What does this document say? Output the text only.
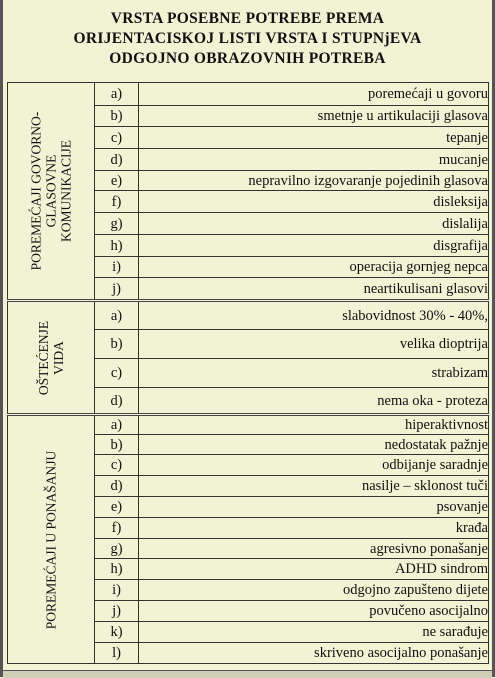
VRSTA POSEBNE POTREBE PREMA
ORIJENTACISKOJ LISTI VRSTA I STUPNjEVA
ODGOJNO OBRAZOVNIH POTREBA
POREMEĆAJI GOVORNO- GLASOVNE KOMUNIKACIJE	a)	poremećaji u govoru
	b)	smetnje u artikulaciji glasova
	c)	tepanje
	d)	mucanje
	e)	nepravilno izgovaranje pojedinih glasova
	f)	disleksija
	g)	dislalija
	h)	disgrafija
	i)	operacija gornjeg nepca
	j)	neartikulisani glasovi

OŠTEĆENJE VIDA	a)	slabovidnost 30% - 40%,
	b)	velika dioptrija
	c)	strabizam
	d)	nema oka - proteza

POREMEĆAJI U PONAŠANJU	a)	hiperaktivnost
	b)	nedostatak pažnje
	c)	odbijanje saradnje
	d)	nasilje – sklonost tuči
	e)	psovanje
	f)	krađa
	g)	agresivno ponašanje
	h)	ADHD sindrom
	i)	odgojno zapušteno dijete
	j)	povučeno asocijalno
	k)	ne sarađuje
	l)	skriveno asocijalno ponašanje
